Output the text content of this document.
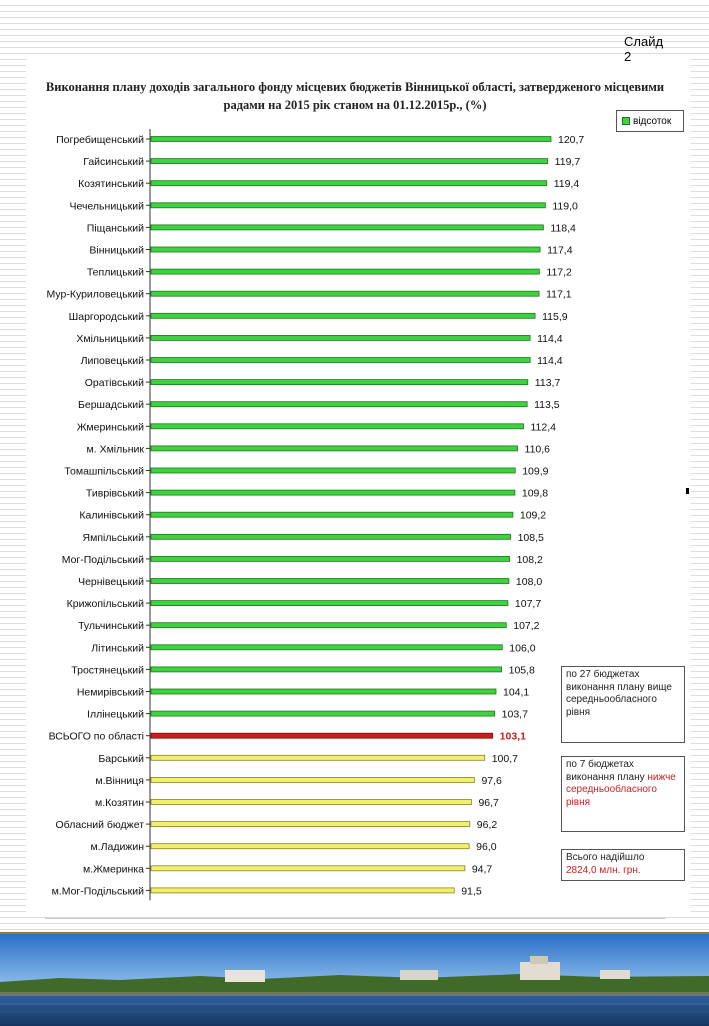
Слайд
2
Виконання плану доходів загального фонду місцевих бюджетів Вінницької області, затвердженого місцевими радами на 2015 рік станом на 01.12.2015р., (%)
відсоток
Погребищенський	120,7
Гайсинський	119,7
Козятинський	119,4
Чечельницький	119,0
Піщанський	118,4
Вінницький	117,4
Теплицький	117,2
Мур-Куриловецький	117,1
Шаргородський	115,9
Хмільницький	114,4
Липовецький	114,4
Оратівський	113,7
Бершадський	113,5
Жмеринський	112,4
м. Хмільник	110,6
Томашпільський	109,9
Тиврівський	109,8
Калинівський	109,2
Ямпільський	108,5
Мог-Подільський	108,2
Чернівецький	108,0
Крижопільський	107,7
Тульчинський	107,2
Літинський	106,0
Тростянецький	105,8
Немирівський	104,1
Іллінецький	103,7
ВСЬОГО по області	103,1
Барський	100,7
м.Вінниця	97,6
м.Козятин	96,7
Обласний бюджет	96,2
м.Ладижин	96,0
м.Жмеринка	94,7
м.Мог-Подільський	91,5
по 27 бюджетах виконання плану вище середньообласного рівня
по 7 бюджетах виконання плану нижче середньообласного рівня
Всього надійшло
2824,0 млн. грн.
